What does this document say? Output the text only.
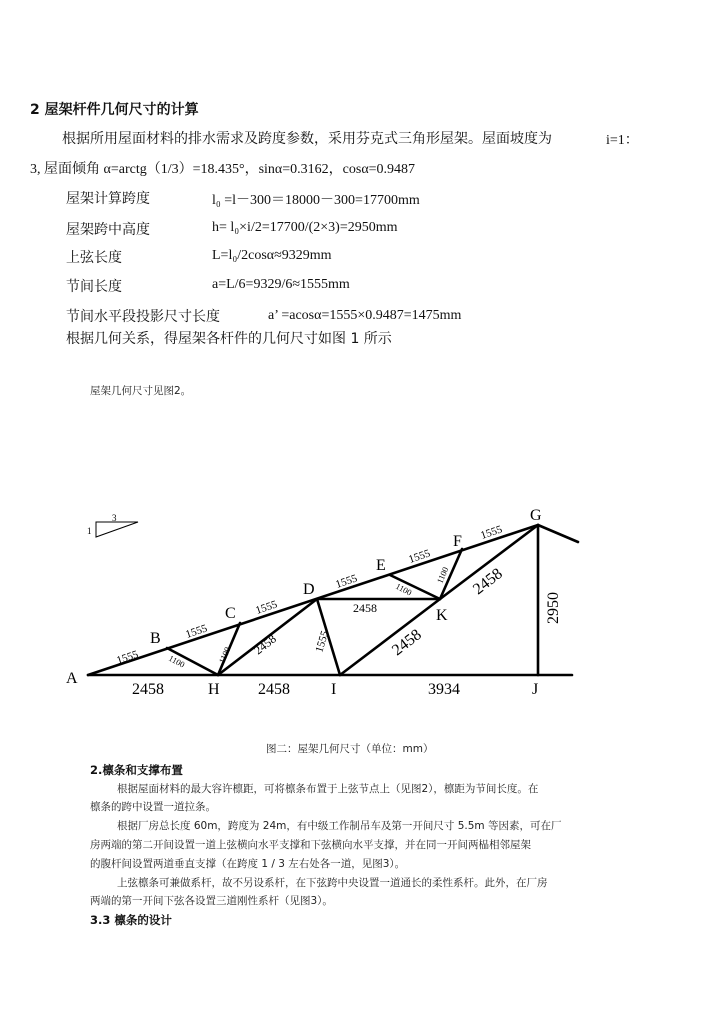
2 屋架杆件几何尺寸的计算
根据所用屋面材料的排水需求及跨度参数，采用芬克式三角形屋架。屋面坡度为	i=1：
3, 屋面倾角 α=arctg（1/3）=18.435°，sinα=0.3162，cosα=0.9487
屋架计算跨度	l₀ =l－300＝18000－300=17700mm
屋架跨中高度	h= l₀×i/2=17700/(2×3)=2950mm
上弦长度	L=l₀/2cosα≈9329mm
节间长度	a=L/6=9329/6≈1555mm
节间水平段投影尺寸长度	a’ =acosα=1555×0.9487=1475mm
根据几何关系，得屋架各杆件的几何尺寸如图 1 所示
屋架几何尺寸见图2。
3
1
A
B
C
D
E
F
G
H	I	J
K
1555
1555
1555
1555
1555
1555
1100	1100
1100
1100
2458
2458
1555	2458
2458
2950
2458	2458	3934
图二：屋架几何尺寸（单位：mm）
2.檩条和支撑布置
根据屋面材料的最大容许檩距，可将檩条布置于上弦节点上（见图2），檩距为节间长度。在
檩条的跨中设置一道拉条。
根据厂房总长度 60m，跨度为 24m，有中级工作制吊车及第一开间尺寸 5.5m 等因素，可在厂
房两端的第二开间设置一道上弦横向水平支撑和下弦横向水平支撑，并在同一开间两榀相邻屋架
的腹杆间设置两道垂直支撑（在跨度 1 / 3 左右处各一道，见图3）。
上弦檩条可兼做系杆，故不另设系杆，在下弦跨中央设置一道通长的柔性系杆。此外，在厂房
两端的第一开间下弦各设置三道刚性系杆（见图3）。
3.3 檩条的设计
